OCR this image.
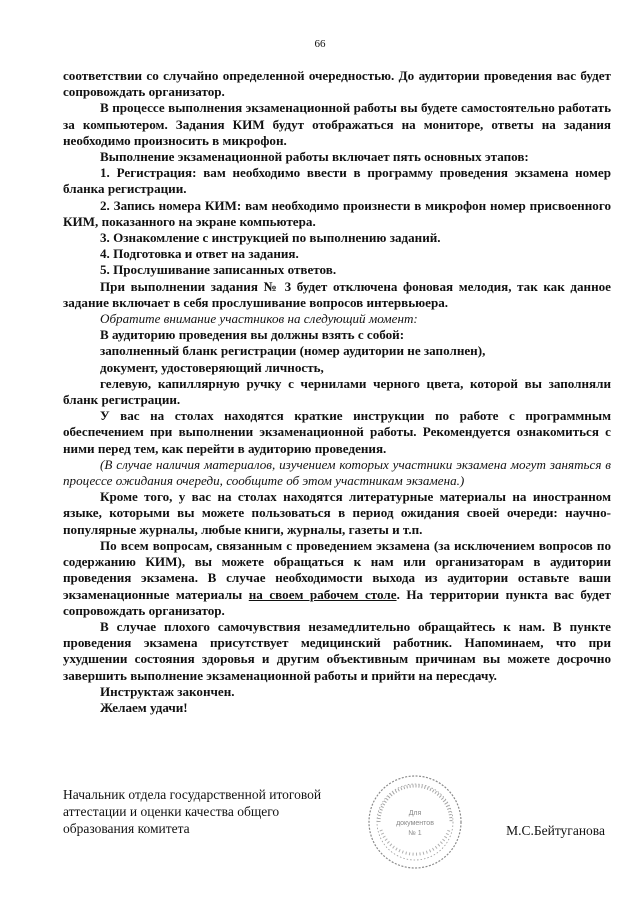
66

соответствии со случайно определенной очередностью. До аудитории проведения вас будет сопровождать организатор.

В процессе выполнения экзаменационной работы вы будете самостоятельно работать за компьютером. Задания КИМ будут отображаться на мониторе, ответы на задания необходимо произносить в микрофон.

Выполнение экзаменационной работы включает пять основных этапов:

1. Регистрация: вам необходимо ввести в программу проведения экзамена номер бланка регистрации.

2. Запись номера КИМ: вам необходимо произнести в микрофон номер присвоенного КИМ, показанного на экране компьютера.

3. Ознакомление с инструкцией по выполнению заданий.

4. Подготовка и ответ на задания.

5. Прослушивание записанных ответов.

При выполнении задания № 3 будет отключена фоновая мелодия, так как данное задание включает в себя прослушивание вопросов интервьюера.

Обратите внимание участников на следующий момент:

В аудиторию проведения вы должны взять с собой:

заполненный бланк регистрации (номер аудитории не заполнен),

документ, удостоверяющий личность,

гелевую, капиллярную ручку с чернилами черного цвета, которой вы заполняли бланк регистрации.

У вас на столах находятся краткие инструкции по работе с программным обеспечением при выполнении экзаменационной работы. Рекомендуется ознакомиться с ними перед тем, как перейти в аудиторию проведения.

(В случае наличия материалов, изучением которых участники экзамена могут заняться в процессе ожидания очереди, сообщите об этом участникам экзамена.)

Кроме того, у вас на столах находятся литературные материалы на иностранном языке, которыми вы можете пользоваться в период ожидания своей очереди: научно-популярные журналы, любые книги, журналы, газеты и т.п.

По всем вопросам, связанным с проведением экзамена (за исключением вопросов по содержанию КИМ), вы можете обращаться к нам или организаторам в аудитории проведения экзамена. В случае необходимости выхода из аудитории оставьте ваши экзаменационные материалы на своем рабочем столе. На территории пункта вас будет сопровождать организатор.

В случае плохого самочувствия незамедлительно обращайтесь к нам. В пункте проведения экзамена присутствует медицинский работник. Напоминаем, что при ухудшении состояния здоровья и другим объективным причинам вы можете досрочно завершить выполнение экзаменационной работы и прийти на пересдачу.

Инструктаж закончен.

Желаем удачи!

Начальник отдела государственной итоговой аттестации и оценки качества общего образования комитета	М.С.Бейтуганова
Для
документов
№ 1
